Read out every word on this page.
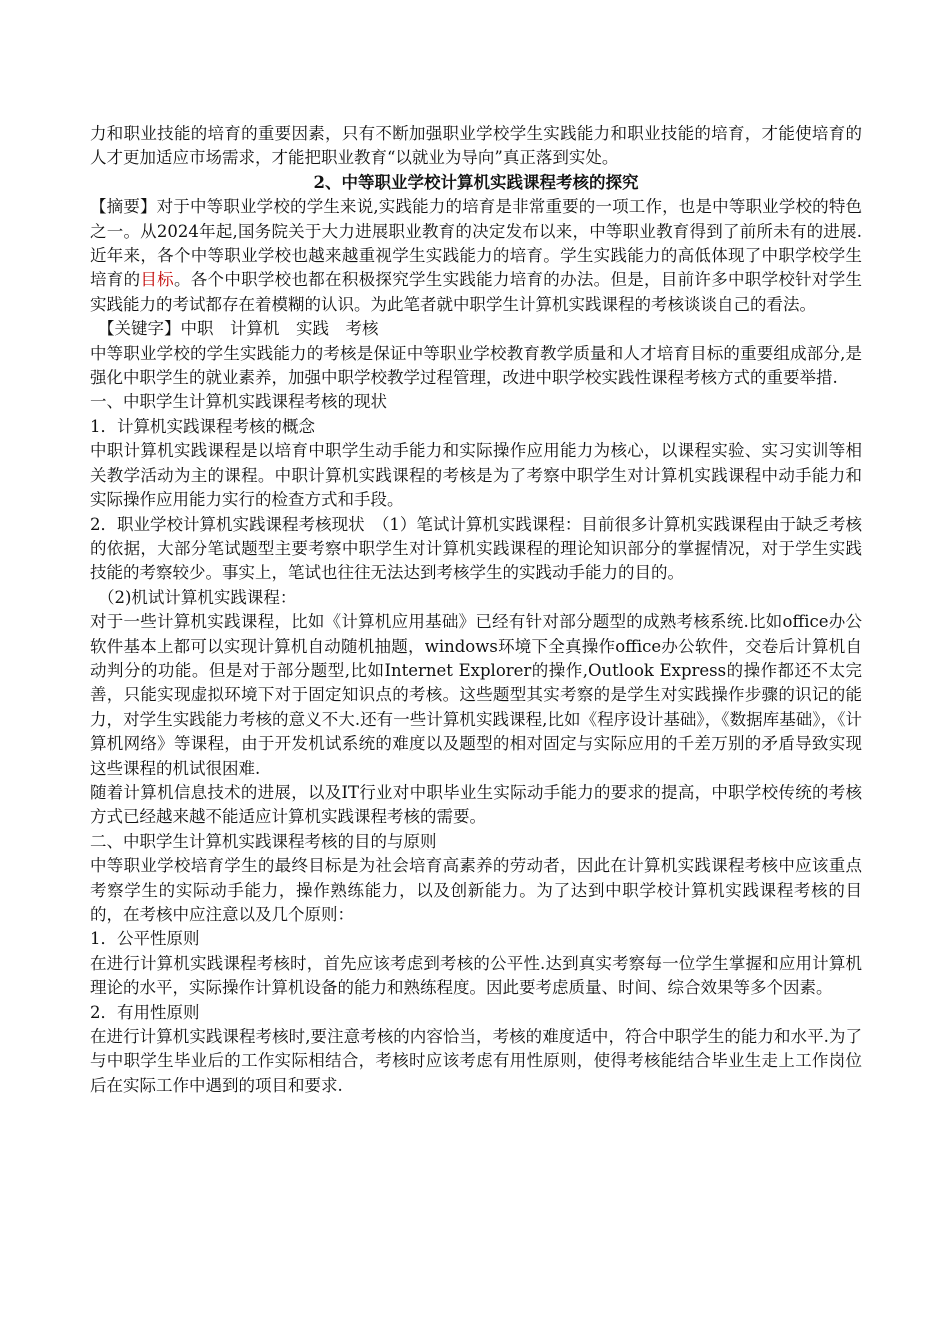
力和职业技能的培育的重要因素，只有不断加强职业学校学生实践能力和职业技能的培育，才能使培育的人才更加适应市场需求，才能把职业教育“以就业为导向”真正落到实处。

2、中等职业学校计算机实践课程考核的探究

【摘要】对于中等职业学校的学生来说,实践能力的培育是非常重要的一项工作，也是中等职业学校的特色之一。从2024年起,国务院关于大力进展职业教育的决定发布以来，中等职业教育得到了前所未有的进展.近年来，各个中等职业学校也越来越重视学生实践能力的培育。学生实践能力的高低体现了中职学校学生培育的目标。各个中职学校也都在积极探究学生实践能力培育的办法。但是，目前许多中职学校针对学生实践能力的考试都存在着模糊的认识。为此笔者就中职学生计算机实践课程的考核谈谈自己的看法。

【关键字】中职　计算机　实践　考核

中等职业学校的学生实践能力的考核是保证中等职业学校教育教学质量和人才培育目标的重要组成部分,是强化中职学生的就业素养，加强中职学校教学过程管理，改进中职学校实践性课程考核方式的重要举措.

一、中职学生计算机实践课程考核的现状

1．计算机实践课程考核的概念

中职计算机实践课程是以培育中职学生动手能力和实际操作应用能力为核心，以课程实验、实习实训等相关教学活动为主的课程。中职计算机实践课程的考核是为了考察中职学生对计算机实践课程中动手能力和实际操作应用能力实行的检查方式和手段。

2．职业学校计算机实践课程考核现状　（1）笔试计算机实践课程：目前很多计算机实践课程由于缺乏考核的依据，大部分笔试题型主要考察中职学生对计算机实践课程的理论知识部分的掌握情况，对于学生实践技能的考察较少。事实上，笔试也往往无法达到考核学生的实践动手能力的目的。

（2)机试计算机实践课程：

对于一些计算机实践课程，比如《计算机应用基础》已经有针对部分题型的成熟考核系统.比如office办公软件基本上都可以实现计算机自动随机抽题，windows环境下全真操作office办公软件，交卷后计算机自动判分的功能。但是对于部分题型,比如Internet Explorer的操作,Outlook Express的操作都还不太完善，只能实现虚拟环境下对于固定知识点的考核。这些题型其实考察的是学生对实践操作步骤的识记的能力，对学生实践能力考核的意义不大.还有一些计算机实践课程,比如《程序设计基础》，《数据库基础》，《计算机网络》等课程，由于开发机试系统的难度以及题型的相对固定与实际应用的千差万别的矛盾导致实现这些课程的机试很困难.

随着计算机信息技术的进展，以及IT行业对中职毕业生实际动手能力的要求的提高，中职学校传统的考核方式已经越来越不能适应计算机实践课程考核的需要。

二、中职学生计算机实践课程考核的目的与原则

中等职业学校培育学生的最终目标是为社会培育高素养的劳动者，因此在计算机实践课程考核中应该重点考察学生的实际动手能力，操作熟练能力，以及创新能力。为了达到中职学校计算机实践课程考核的目的，在考核中应注意以及几个原则：

1．公平性原则

在进行计算机实践课程考核时，首先应该考虑到考核的公平性.达到真实考察每一位学生掌握和应用计算机理论的水平，实际操作计算机设备的能力和熟练程度。因此要考虑质量、时间、综合效果等多个因素。

2．有用性原则

在进行计算机实践课程考核时,要注意考核的内容恰当，考核的难度适中，符合中职学生的能力和水平.为了与中职学生毕业后的工作实际相结合，考核时应该考虑有用性原则，使得考核能结合毕业生走上工作岗位后在实际工作中遇到的项目和要求.
